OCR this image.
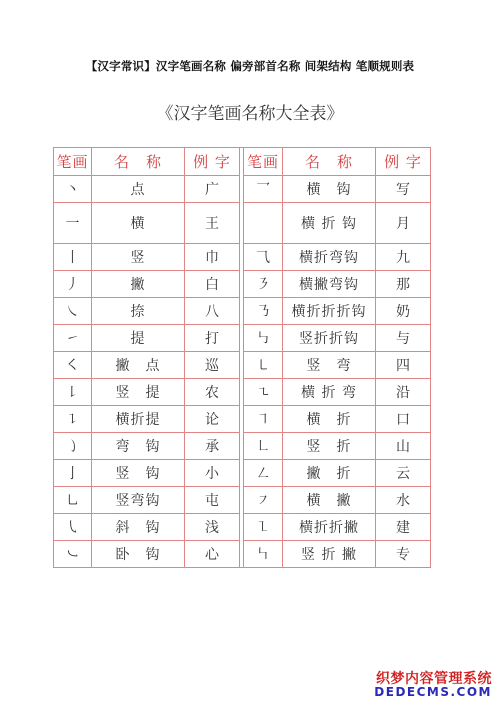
【汉字常识】汉字笔画名称 偏旁部首名称 间架结构 笔顺规则表
《汉字笔画名称大全表》
笔画	名　称	例 字		笔画	名　称	例 字
丶	点	广		乛	横　钩	写
一	横	王			横 折 钩	月
丨	竖	巾		⺄	横折弯钩	九
丿	撇	白		㇋	横撇弯钩	那
㇏	捺	八		㇡	横折折折钩	奶
㇀	提	打		㇉	竖折折钩	与
㇛	撇　点	巡		㇄	竖　弯	四
㇙	竖　提	农		㇍	横 折 弯	沿
㇊	横折提	论		㇕	横　折	口
㇁	弯　钩	承		㇗	竖　折	山
亅	竖　钩	小		㇜	撇　折	云
㇟	竖弯钩	屯		㇇	横　撇	水
㇂	斜　钩	浅		㇅	横折折撇	建
㇃	卧　钩	心		㇞	竖 折 撇	专
织梦内容管理系统
DEDECMS.COM
